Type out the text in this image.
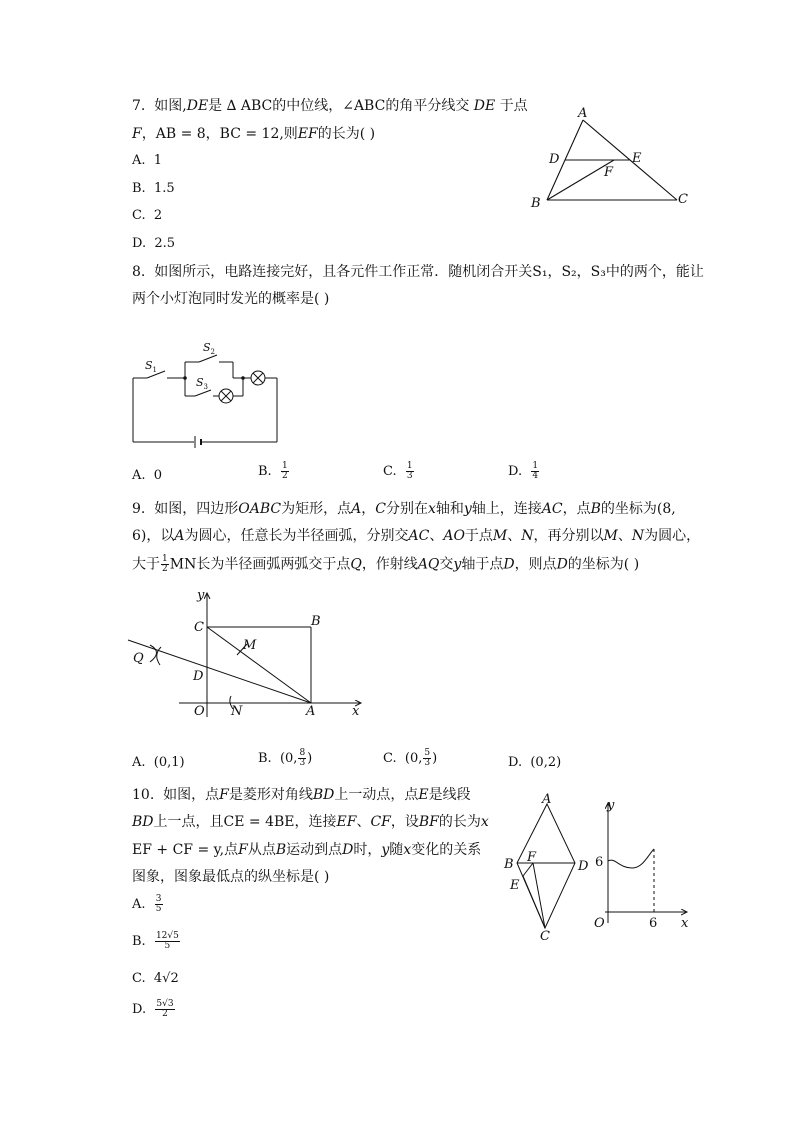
7. 如图,DE是 ∆ ABC的中位线，∠ABC的角平分线交 DE 于点
F，AB = 8，BC = 12,则EF的长为( )
A. 1
B. 1.5
C. 2
D. 2.5
A
D	E
F
B	C
8. 如图所示，电路连接完好，且各元件工作正常．随机闭合开关S₁，S₂，S₃中的两个，能让
两个小灯泡同时发光的概率是( )
$S_1$
$S_2$
$S_3$
A. 0	B. $\frac{1}{2}$	C. $\frac{1}{3}$	D. $\frac{1}{4}$
9. 如图，四边形OABC为矩形，点A，C分别在x轴和y轴上，连接AC，点B的坐标为(8,
6)，以A为圆心，任意长为半径画弧，分别交AC、AO于点M、N，再分别以M、N为圆心，
大于 $\frac{1}{2}$ MN长为半径画弧两弧交于点Q，作射线AQ交y轴于点D，则点D的坐标为( )
y
x
B
C
M
Q
D
O N	A
A. (0,1)	B. (0, $\frac{8}{3}$ )	C. (0, $\frac{5}{3}$ )	D. (0,2)
10. 如图，点F是菱形对角线BD上一动点，点E是线段
BD上一点，且CE = 4BE，连接EF、CF，设BF的长为x
EF + CF = y,点F从点B运动到点D时，y随x变化的关系
图象，图象最低点的纵坐标是( )
A
B F
D
E
C
y
6
O	6 x
A. $\frac{3}{5}$
B. $\frac{12√5}{5}$
C. 4√2
D. $\frac{5√3}{2}$
